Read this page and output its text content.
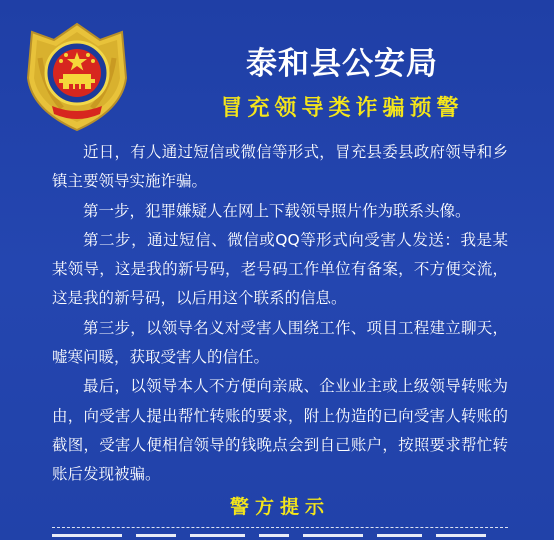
泰和县公安局
冒充领导类诈骗预警

近日，有人通过短信或微信等形式，冒充县委县政府领导和乡镇主要领导实施诈骗。

第一步，犯罪嫌疑人在网上下载领导照片作为联系头像。

第二步，通过短信、微信或QQ等形式向受害人发送：我是某某领导，这是我的新号码，老号码工作单位有备案，不方便交流，这是我的新号码，以后用这个联系的信息。

第三步，以领导名义对受害人围绕工作、项目工程建立聊天，嘘寒问暖，获取受害人的信任。

最后，以领导本人不方便向亲戚、企业业主或上级领导转账为由，向受害人提出帮忙转账的要求，附上伪造的已向受害人转账的截图，受害人便相信领导的钱晚点会到自己账户，按照要求帮忙转账后发现被骗。

警方提示
